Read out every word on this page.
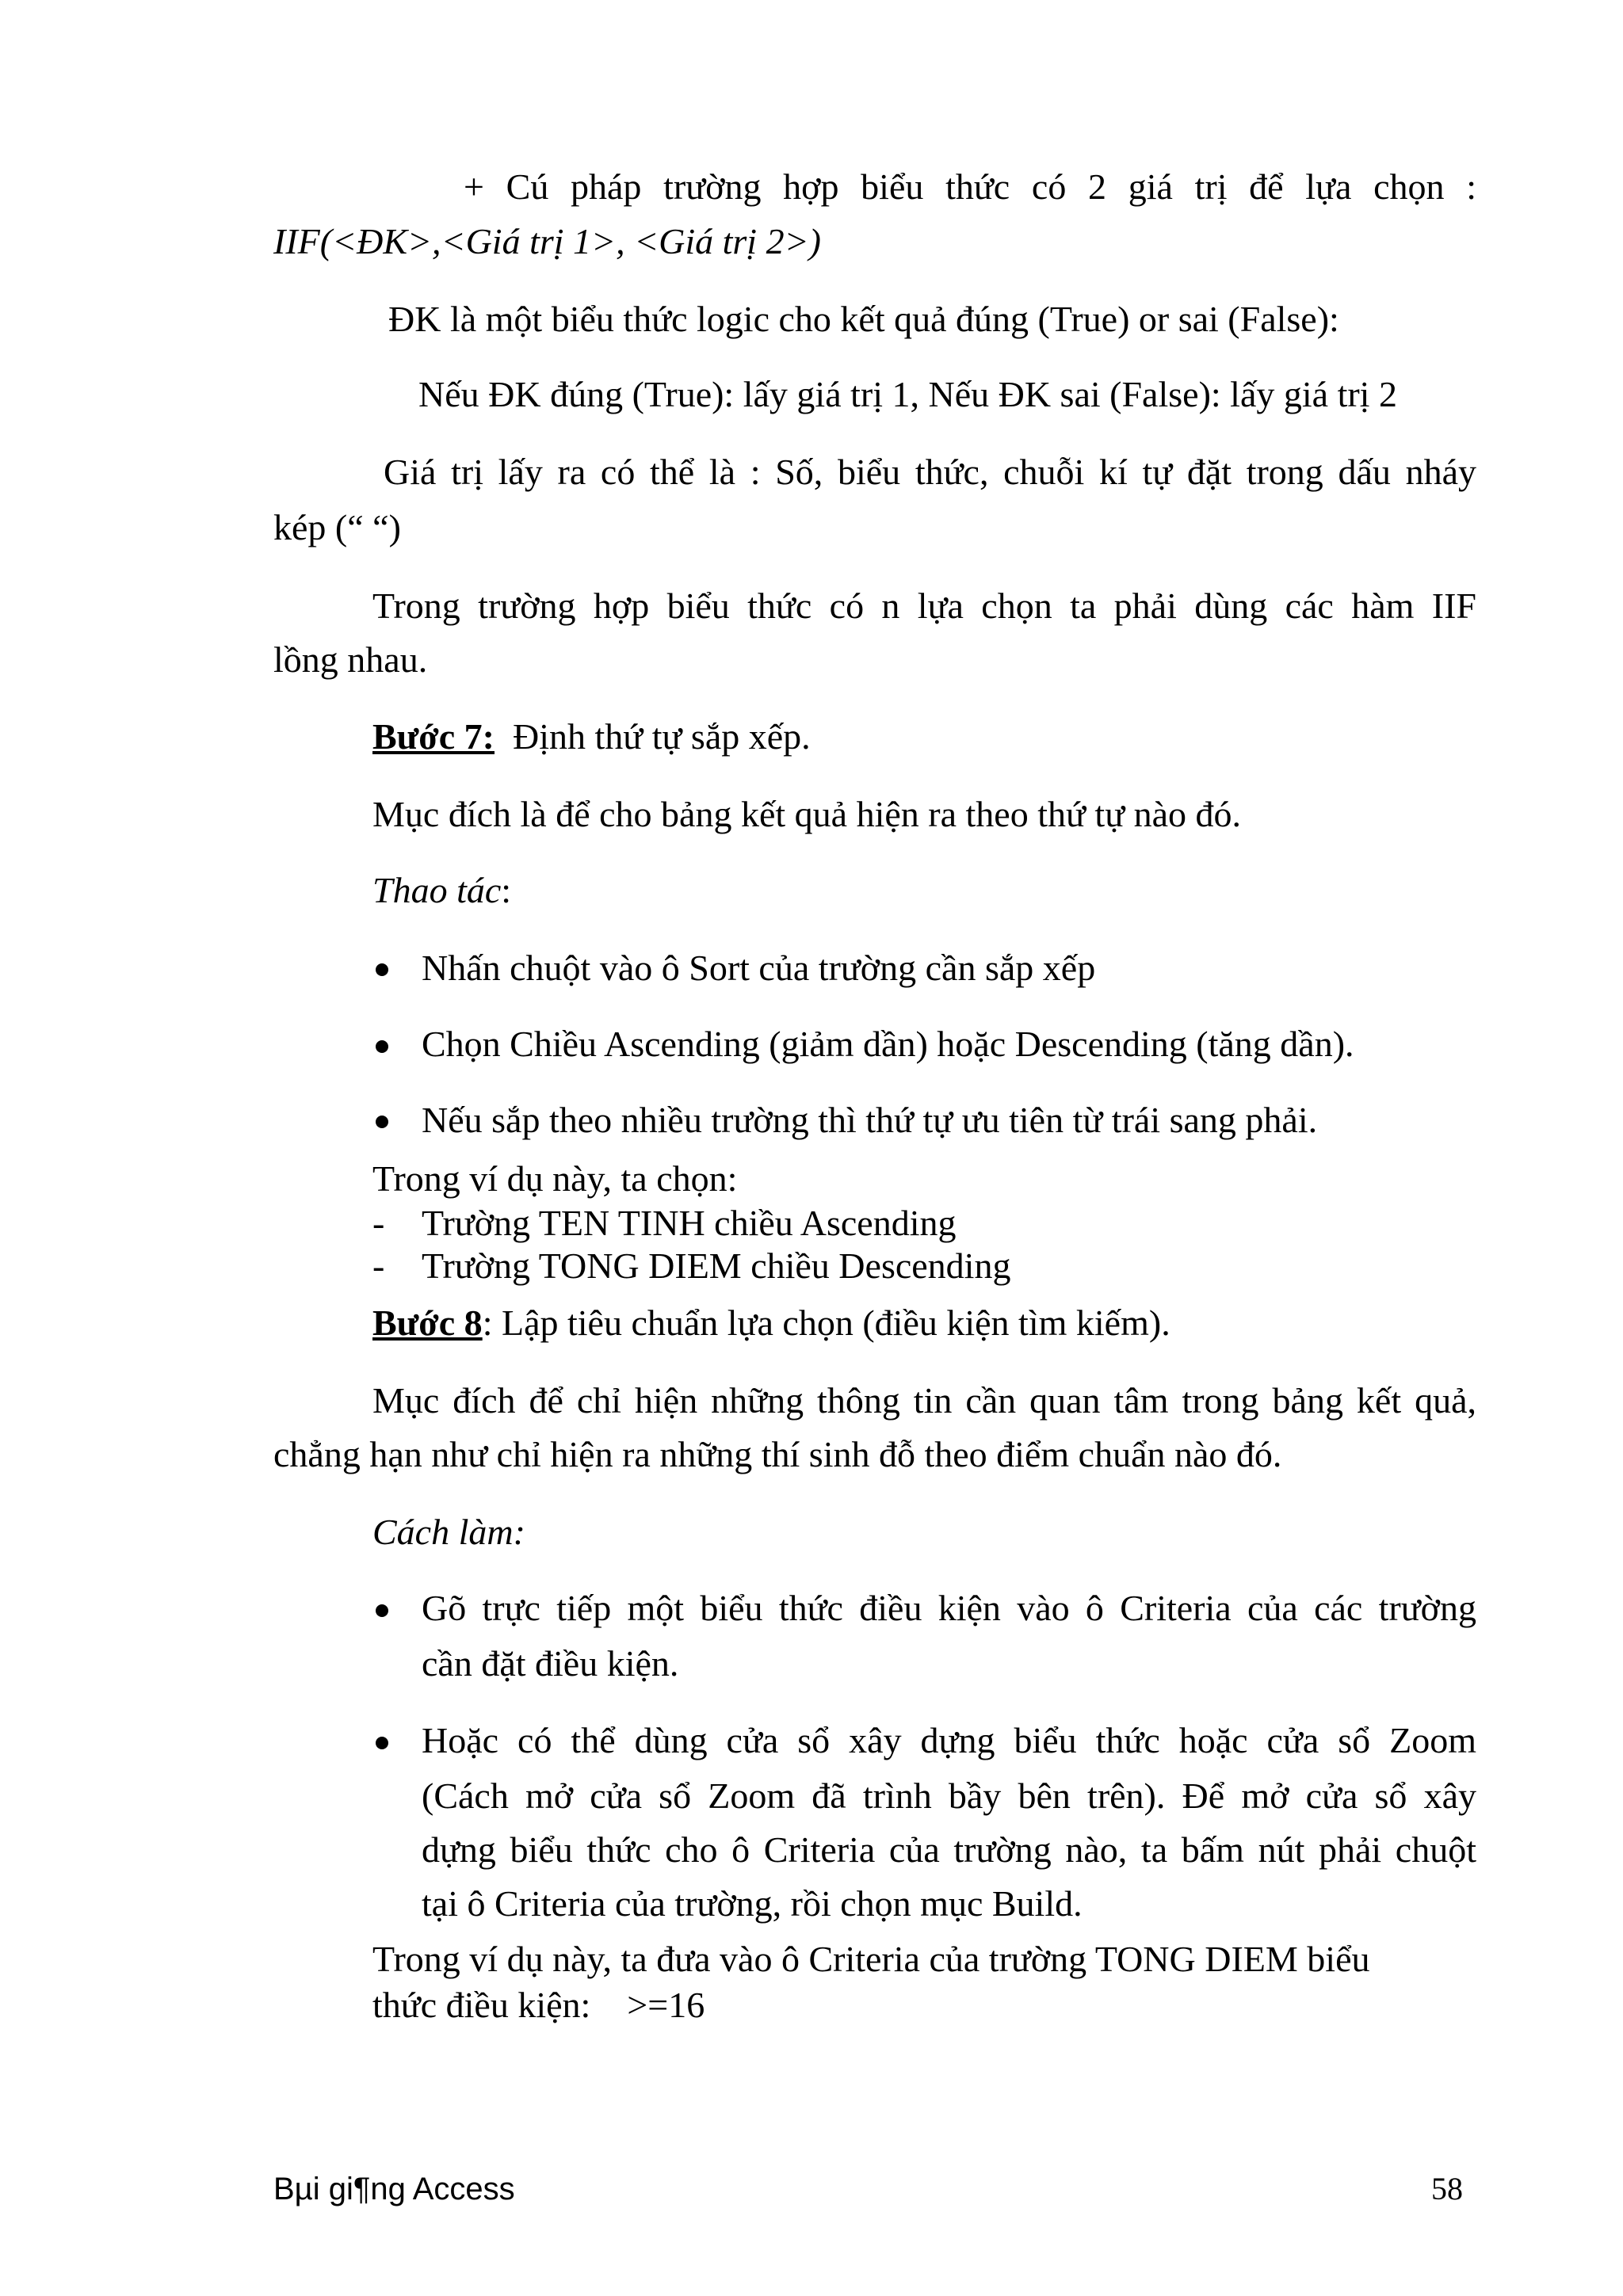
+ Cú pháp trường hợp biểu thức có 2 giá trị để lựa chọn :

IIF(<ĐK>,<Giá trị 1>, <Giá trị 2>)

ĐK là một biểu thức logic cho kết quả đúng (True) or sai (False):

Nếu ĐK đúng (True): lấy giá trị 1, Nếu ĐK sai (False): lấy giá trị 2

Giá trị lấy ra có thể là : Số, biểu thức, chuỗi kí tự đặt trong dấu nháy

kép (“ “)

Trong trường hợp biểu thức có n lựa chọn ta phải dùng các hàm IIF

lồng nhau.

Bước 7: Định thứ tự sắp xếp.

Mục đích là để cho bảng kết quả hiện ra theo thứ tự nào đó.

Thao tác:

Nhấn chuột vào ô Sort của trường cần sắp xếp

Chọn Chiều Ascending (giảm dần) hoặc Descending (tăng dần).

Nếu sắp theo nhiều trường thì thứ tự ưu tiên từ trái sang phải.

Trong ví dụ này, ta chọn:

- Trường TEN TINH chiều Ascending

- Trường TONG DIEM chiều Descending

Bước 8: Lập tiêu chuẩn lựa chọn (điều kiện tìm kiếm).

Mục đích để chỉ hiện những thông tin cần quan tâm trong bảng kết quả,

chẳng hạn như chỉ hiện ra những thí sinh đỗ theo điểm chuẩn nào đó.

Cách làm:

Gõ trực tiếp một biểu thức điều kiện vào ô Criteria của các trường

cần đặt điều kiện.

Hoặc có thể dùng cửa sổ xây dựng biểu thức hoặc cửa sổ Zoom

(Cách mở cửa sổ Zoom đã trình bầy bên trên). Để mở cửa sổ xây

dựng biểu thức cho ô Criteria của trường nào, ta bấm nút phải chuột

tại ô Criteria của trường, rồi chọn mục Build.

Trong ví dụ này, ta đưa vào ô Criteria của trường TONG DIEM biểu

thức điều kiện:    >=16

Bµi gi¶ng Access	58
